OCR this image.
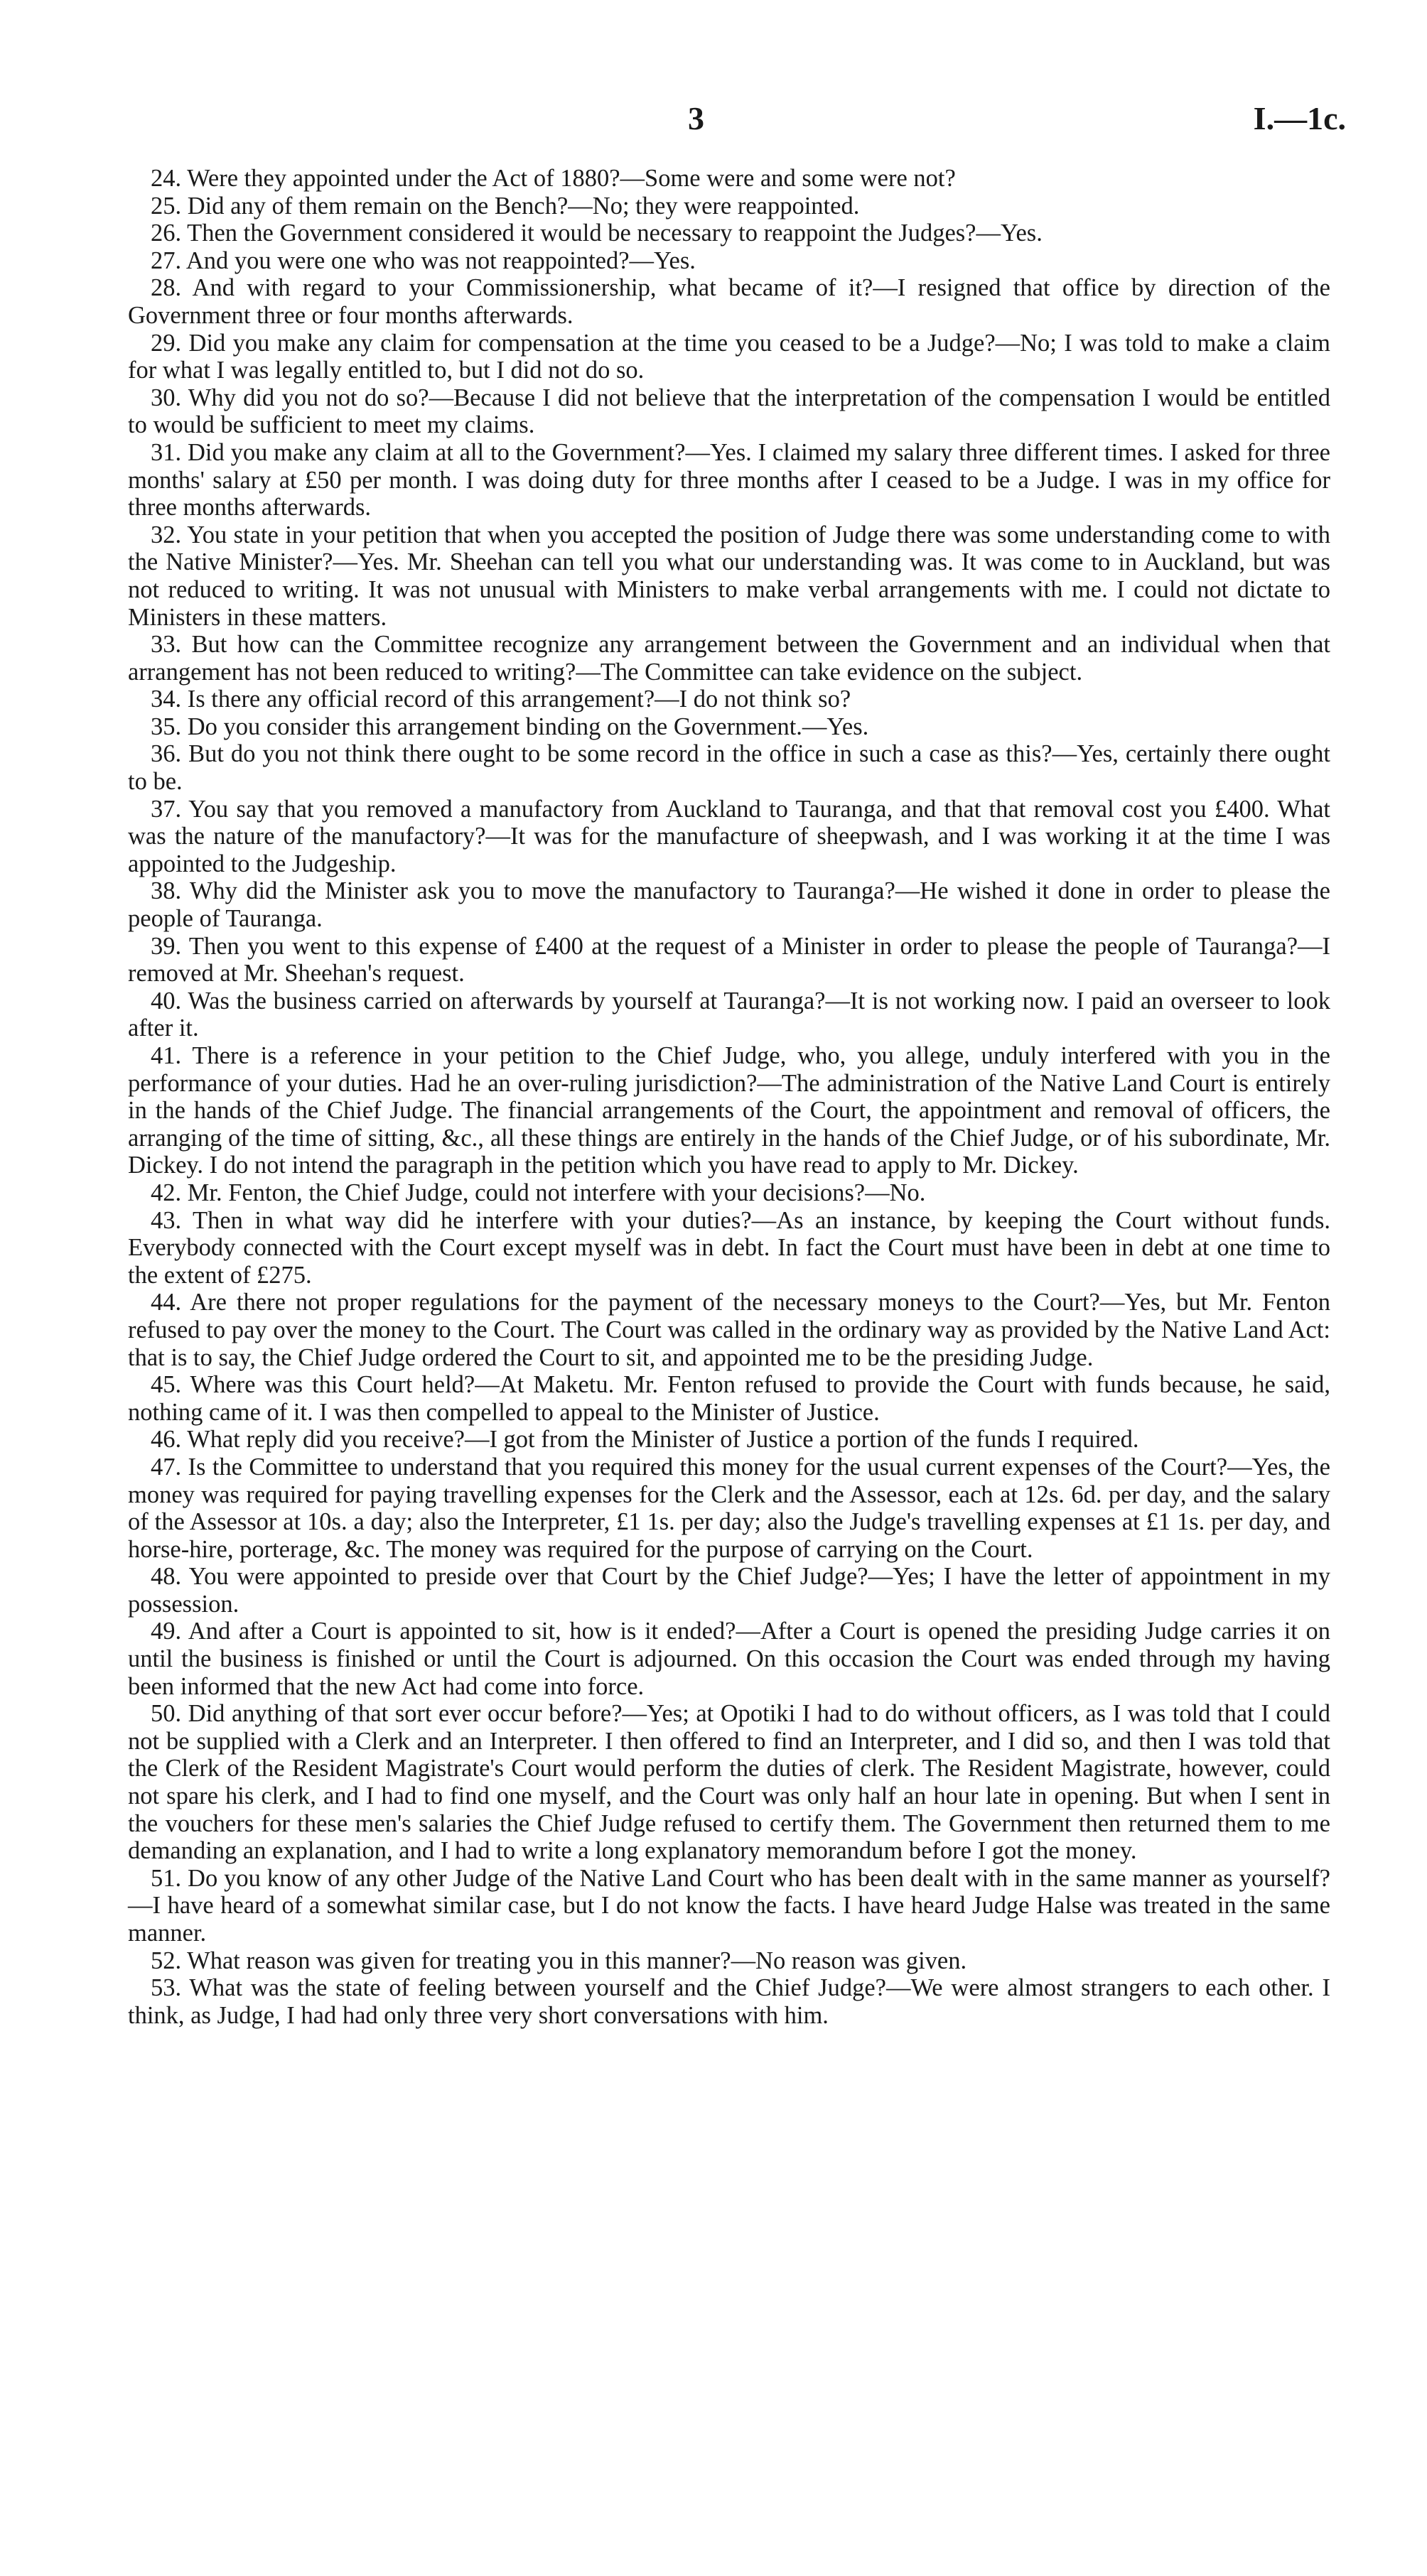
3	I.—1c.

24. Were they appointed under the Act of 1880?—Some were and some were not?

25. Did any of them remain on the Bench?—No; they were reappointed.

26. Then the Government considered it would be necessary to reappoint the Judges?—Yes.

27. And you were one who was not reappointed?—Yes.

28. And with regard to your Commissionership, what became of it?—I resigned that office by direction of the Government three or four months afterwards.

29. Did you make any claim for compensation at the time you ceased to be a Judge?—No; I was told to make a claim for what I was legally entitled to, but I did not do so.

30. Why did you not do so?—Because I did not believe that the interpretation of the compensation I would be entitled to would be sufficient to meet my claims.

31. Did you make any claim at all to the Government?—Yes. I claimed my salary three different times. I asked for three months' salary at £50 per month. I was doing duty for three months after I ceased to be a Judge. I was in my office for three months afterwards.

32. You state in your petition that when you accepted the position of Judge there was some understanding come to with the Native Minister?—Yes. Mr. Sheehan can tell you what our understanding was. It was come to in Auckland, but was not reduced to writing. It was not unusual with Ministers to make verbal arrangements with me. I could not dictate to Ministers in these matters.

33. But how can the Committee recognize any arrangement between the Government and an individual when that arrangement has not been reduced to writing?—The Committee can take evidence on the subject.

34. Is there any official record of this arrangement?—I do not think so?

35. Do you consider this arrangement binding on the Government.—Yes.

36. But do you not think there ought to be some record in the office in such a case as this?—Yes, certainly there ought to be.

37. You say that you removed a manufactory from Auckland to Tauranga, and that that removal cost you £400. What was the nature of the manufactory?—It was for the manufacture of sheepwash, and I was working it at the time I was appointed to the Judgeship.

38. Why did the Minister ask you to move the manufactory to Tauranga?—He wished it done in order to please the people of Tauranga.

39. Then you went to this expense of £400 at the request of a Minister in order to please the people of Tauranga?—I removed at Mr. Sheehan's request.

40. Was the business carried on afterwards by yourself at Tauranga?—It is not working now. I paid an overseer to look after it.

41. There is a reference in your petition to the Chief Judge, who, you allege, unduly interfered with you in the performance of your duties. Had he an over-ruling jurisdiction?—The administration of the Native Land Court is entirely in the hands of the Chief Judge. The financial arrangements of the Court, the appointment and removal of officers, the arranging of the time of sitting, &c., all these things are entirely in the hands of the Chief Judge, or of his subordinate, Mr. Dickey. I do not intend the paragraph in the petition which you have read to apply to Mr. Dickey.

42. Mr. Fenton, the Chief Judge, could not interfere with your decisions?—No.

43. Then in what way did he interfere with your duties?—As an instance, by keeping the Court without funds. Everybody connected with the Court except myself was in debt. In fact the Court must have been in debt at one time to the extent of £275.

44. Are there not proper regulations for the payment of the necessary moneys to the Court?—Yes, but Mr. Fenton refused to pay over the money to the Court. The Court was called in the ordinary way as provided by the Native Land Act: that is to say, the Chief Judge ordered the Court to sit, and appointed me to be the presiding Judge.

45. Where was this Court held?—At Maketu. Mr. Fenton refused to provide the Court with funds because, he said, nothing came of it. I was then compelled to appeal to the Minister of Justice.

46. What reply did you receive?—I got from the Minister of Justice a portion of the funds I required.

47. Is the Committee to understand that you required this money for the usual current expenses of the Court?—Yes, the money was required for paying travelling expenses for the Clerk and the Assessor, each at 12s. 6d. per day, and the salary of the Assessor at 10s. a day; also the Interpreter, £1 1s. per day; also the Judge's travelling expenses at £1 1s. per day, and horse-hire, porterage, &c. The money was required for the purpose of carrying on the Court.

48. You were appointed to preside over that Court by the Chief Judge?—Yes; I have the letter of appointment in my possession.

49. And after a Court is appointed to sit, how is it ended?—After a Court is opened the presiding Judge carries it on until the business is finished or until the Court is adjourned. On this occasion the Court was ended through my having been informed that the new Act had come into force.

50. Did anything of that sort ever occur before?—Yes; at Opotiki I had to do without officers, as I was told that I could not be supplied with a Clerk and an Interpreter. I then offered to find an Interpreter, and I did so, and then I was told that the Clerk of the Resident Magistrate's Court would perform the duties of clerk. The Resident Magistrate, however, could not spare his clerk, and I had to find one myself, and the Court was only half an hour late in opening. But when I sent in the vouchers for these men's salaries the Chief Judge refused to certify them. The Government then returned them to me demanding an explanation, and I had to write a long explanatory memorandum before I got the money.

51. Do you know of any other Judge of the Native Land Court who has been dealt with in the same manner as yourself?—I have heard of a somewhat similar case, but I do not know the facts. I have heard Judge Halse was treated in the same manner.

52. What reason was given for treating you in this manner?—No reason was given.

53. What was the state of feeling between yourself and the Chief Judge?—We were almost strangers to each other. I think, as Judge, I had had only three very short conversations with him.
